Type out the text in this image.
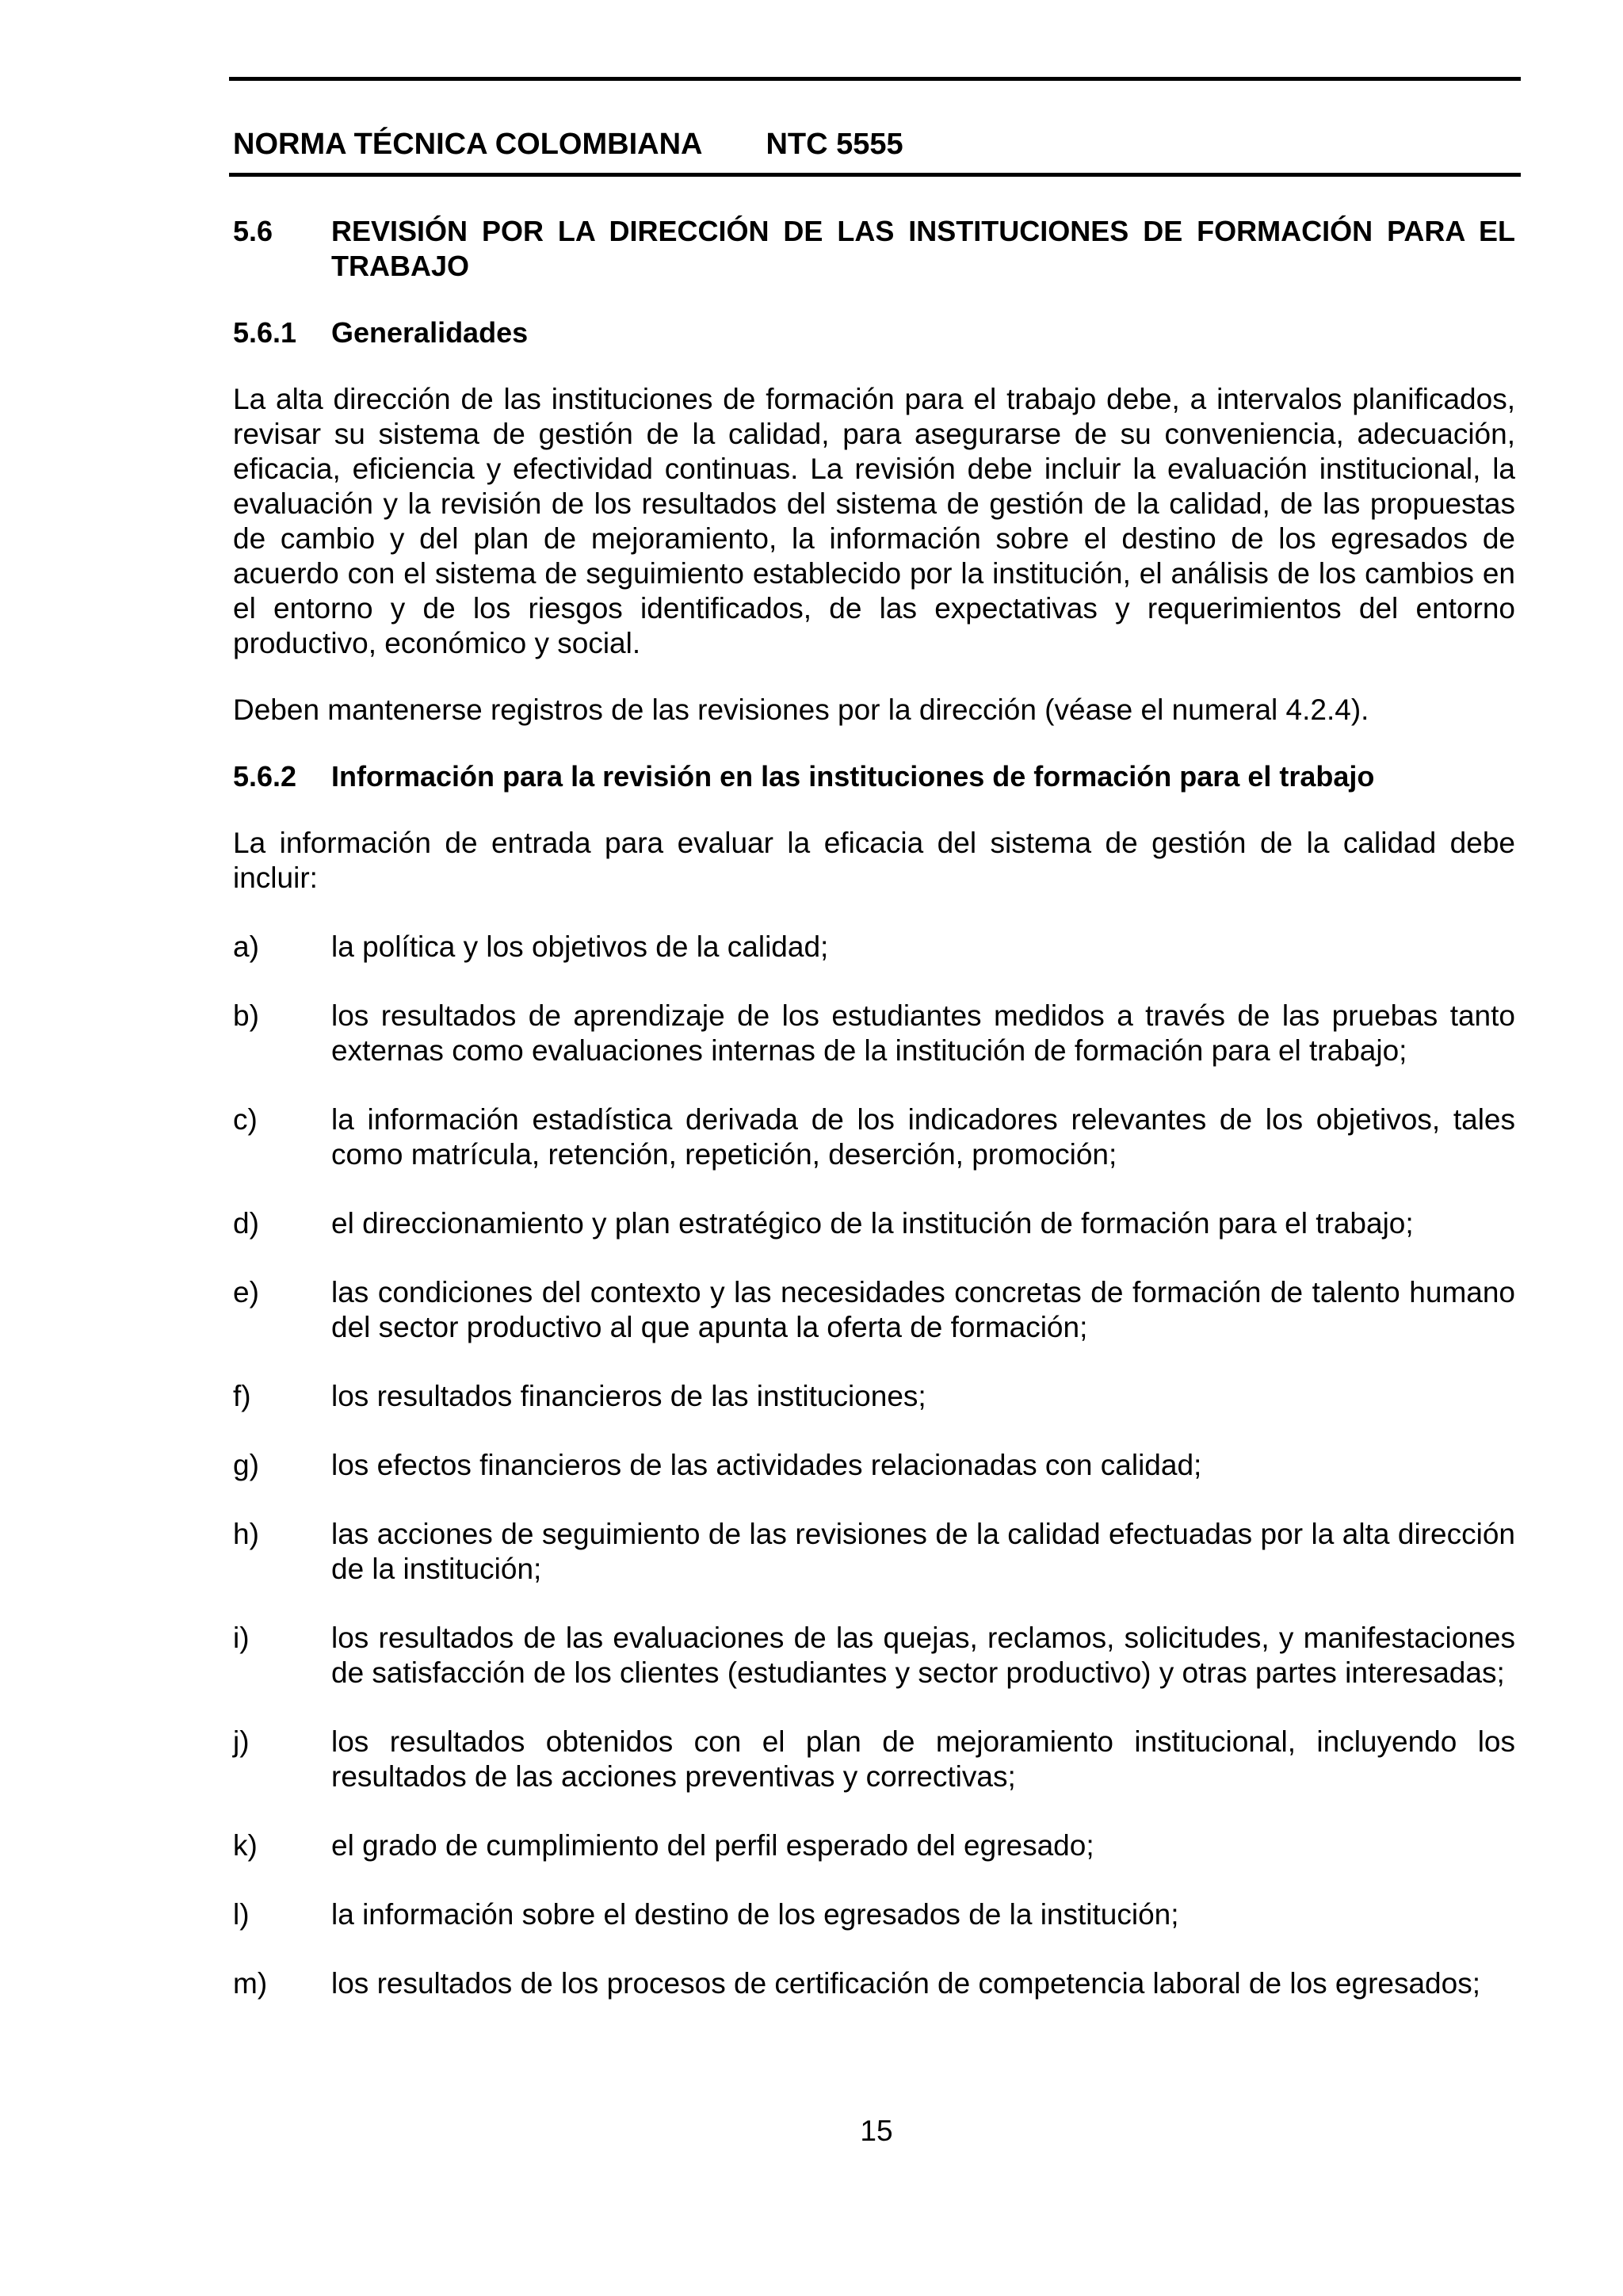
NORMA TÉCNICA COLOMBIANA NTC 5555
5.6	REVISIÓN POR LA DIRECCIÓN DE LAS INSTITUCIONES DE FORMACIÓN PARA EL TRABAJO
5.6.1 Generalidades

La alta dirección de las instituciones de formación para el trabajo debe, a intervalos planificados, revisar su sistema de gestión de la calidad, para asegurarse de su conveniencia, adecuación, eficacia, eficiencia y efectividad continuas. La revisión debe incluir la evaluación institucional, la evaluación y la revisión de los resultados del sistema de gestión de la calidad, de las propuestas de cambio y del plan de mejoramiento, la información sobre el destino de los egresados de acuerdo con el sistema de seguimiento establecido por la institución, el análisis de los cambios en el entorno y de los riesgos identificados, de las expectativas y requerimientos del entorno productivo, económico y social.

Deben mantenerse registros de las revisiones por la dirección (véase el numeral 4.2.4).

5.6.2 Información para la revisión en las instituciones de formación para el trabajo

La información de entrada para evaluar la eficacia del sistema de gestión de la calidad debe incluir:

a)	la política y los objetivos de la calidad;
b)	los resultados de aprendizaje de los estudiantes medidos a través de las pruebas tanto externas como evaluaciones internas de la institución de formación para el trabajo;
c)	la información estadística derivada de los indicadores relevantes de los objetivos, tales como matrícula, retención, repetición, deserción, promoción;
d)	el direccionamiento y plan estratégico de la institución de formación para el trabajo;
e)	las condiciones del contexto y las necesidades concretas de formación de talento humano del sector productivo al que apunta la oferta de formación;
f)	los resultados financieros de las instituciones;
g)	los efectos financieros de las actividades relacionadas con calidad;
h)	las acciones de seguimiento de las revisiones de la calidad efectuadas por la alta dirección de la institución;
i)	los resultados de las evaluaciones de las quejas, reclamos, solicitudes, y manifestaciones de satisfacción de los clientes (estudiantes y sector productivo) y otras partes interesadas;
j)	los resultados obtenidos con el plan de mejoramiento institucional, incluyendo los resultados de las acciones preventivas y correctivas;
k)	el grado de cumplimiento del perfil esperado del egresado;
l)	la información sobre el destino de los egresados de la institución;
m)	los resultados de los procesos de certificación de competencia laboral de los egresados;
15
